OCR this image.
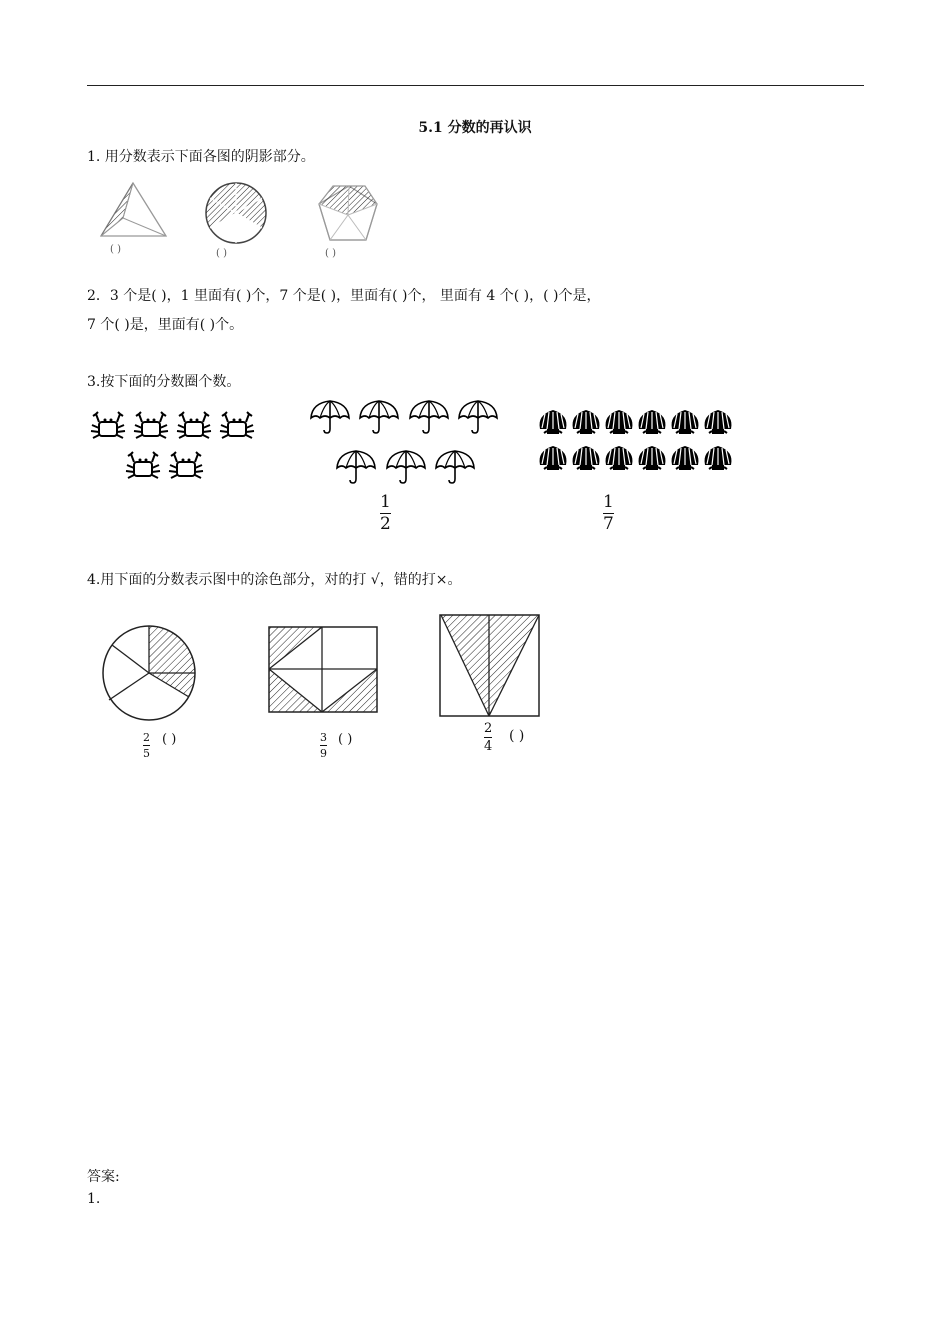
5.1 分数的再认识
1. 用分数表示下面各图的阴影部分。
( )	( )	( )
2．3 个是( )，1 里面有( )个，7 个是( )，里面有( )个， 里面有 4 个( )，( )个是，
7 个( )是，里面有( )个。
3.按下面的分数圈个数。
1
2
1
7
4.用下面的分数表示图中的涂色部分，对的打 √，错的打×。
2
5
( )	3
9
( )
2
4
( )
答案:
1.
